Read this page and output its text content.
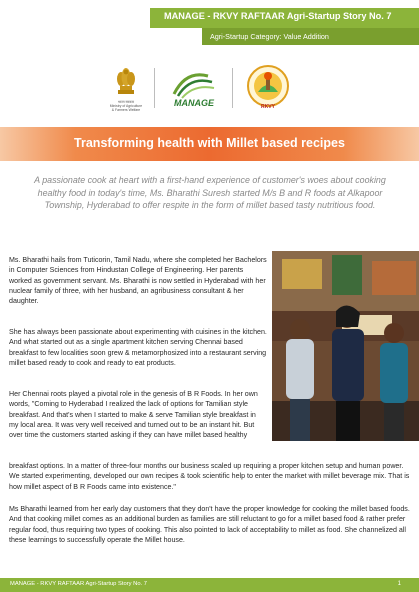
MANAGE - RKVY RAFTAAR Agri-Startup Story No. 7
Agri-Startup Category: Value Addition
भारत सरकार
Ministry of Agriculture
& Farmers Welfare
MANAGE	RKVY
Transforming health with Millet based recipes
A passionate cook at heart with a first-hand experience of customer's woes about cooking healthy food in today's time, Ms. Bharathi Suresh started M/s B and R foods at Alkapoor Township, Hyderabad to offer respite in the form of millet based tasty nutritious food.
Ms. Bharathi hails from Tuticorin, Tamil Nadu, where she completed her Bachelors in Computer Sciences from Hindustan College of Engineering. Her parents worked as government servant. Ms. Bharathi is now settled in Hyderabad with her nuclear family of three, with her husband, an agribusiness consultant & her daughter.
She has always been passionate about experimenting with cuisines in the kitchen. And what started out as a single apartment kitchen serving Chennai based breakfast to few localities soon grew & metamorphosized into a restaurant serving millet based ready to cook and ready to eat products.
Her Chennai roots played a pivotal role in the genesis of B R Foods. In her own words, "Coming to Hyderabad I realized the lack of options for Tamilian style breakfast. And that's when I started to make & serve Tamilian style breakfast in my local area. It was very well received and turned out to be an instant hit. But over time the customers started asking if they can have millet based healthy
breakfast options. In a matter of three-four months our business scaled up requiring a proper kitchen setup and human power. We started experimenting, developed our own recipes & took scientific help to enter the market with millet beverage mix. That is how millet aspect of B R Foods came into existence."
Ms Bharathi learned from her early day customers that they don't have the proper knowledge for cooking the millet based foods. And that cooking millet comes as an additional burden as families are still reluctant to go for a millet based food & rather prefer regular food, thus requiring two types of cooking. This also pointed to lack of acceptability to millet as food. She channelized all these learnings to successfully operate the Millet house.
MANAGE - RKVY RAFTAAR Agri-Startup Story No. 7	1
